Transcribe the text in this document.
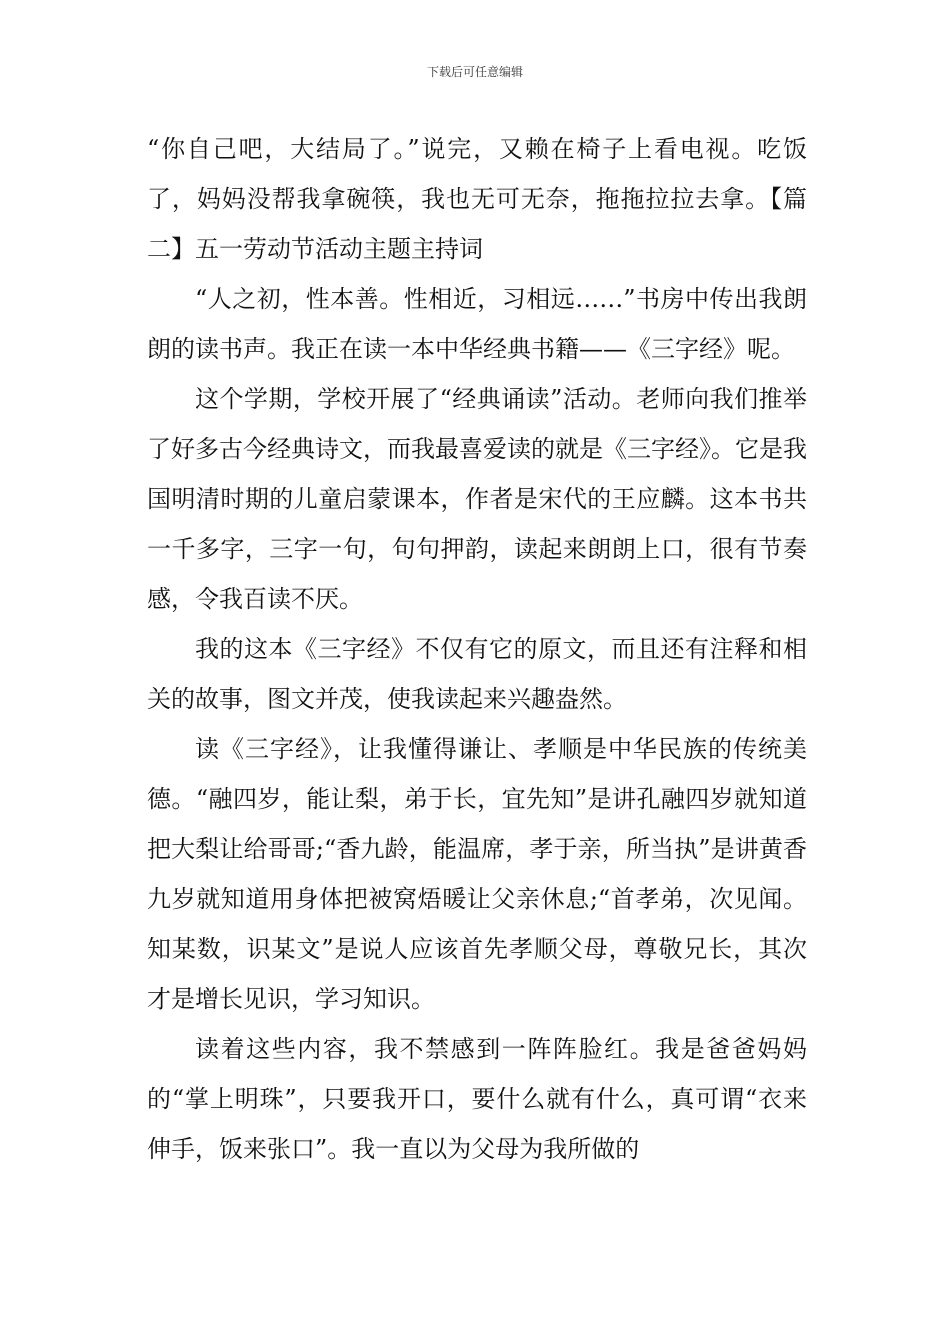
下载后可任意编辑

“你自己吧，大结局了。”说完，又赖在椅子上看电视。吃饭了，妈妈没帮我拿碗筷，我也无可无奈，拖拖拉拉去拿。【篇二】五一劳动节活动主题主持词

“人之初，性本善。性相近，习相远……”书房中传出我朗朗的读书声。我正在读一本中华经典书籍——《三字经》呢。

这个学期，学校开展了“经典诵读”活动。老师向我们推举了好多古今经典诗文，而我最喜爱读的就是《三字经》。它是我国明清时期的儿童启蒙课本，作者是宋代的王应麟。这本书共一千多字，三字一句，句句押韵，读起来朗朗上口，很有节奏感，令我百读不厌。

我的这本《三字经》不仅有它的原文，而且还有注释和相关的故事，图文并茂，使我读起来兴趣盎然。

读《三字经》，让我懂得谦让、孝顺是中华民族的传统美德。“融四岁，能让梨，弟于长，宜先知”是讲孔融四岁就知道把大梨让给哥哥;“香九龄，能温席，孝于亲，所当执”是讲黄香九岁就知道用身体把被窝焐暖让父亲休息;“首孝弟，次见闻。知某数，识某文”是说人应该首先孝顺父母，尊敬兄长，其次才是增长见识，学习知识。

读着这些内容，我不禁感到一阵阵脸红。我是爸爸妈妈的“掌上明珠”，只要我开口，要什么就有什么，真可谓“衣来伸手，饭来张口”。我一直以为父母为我所做的
